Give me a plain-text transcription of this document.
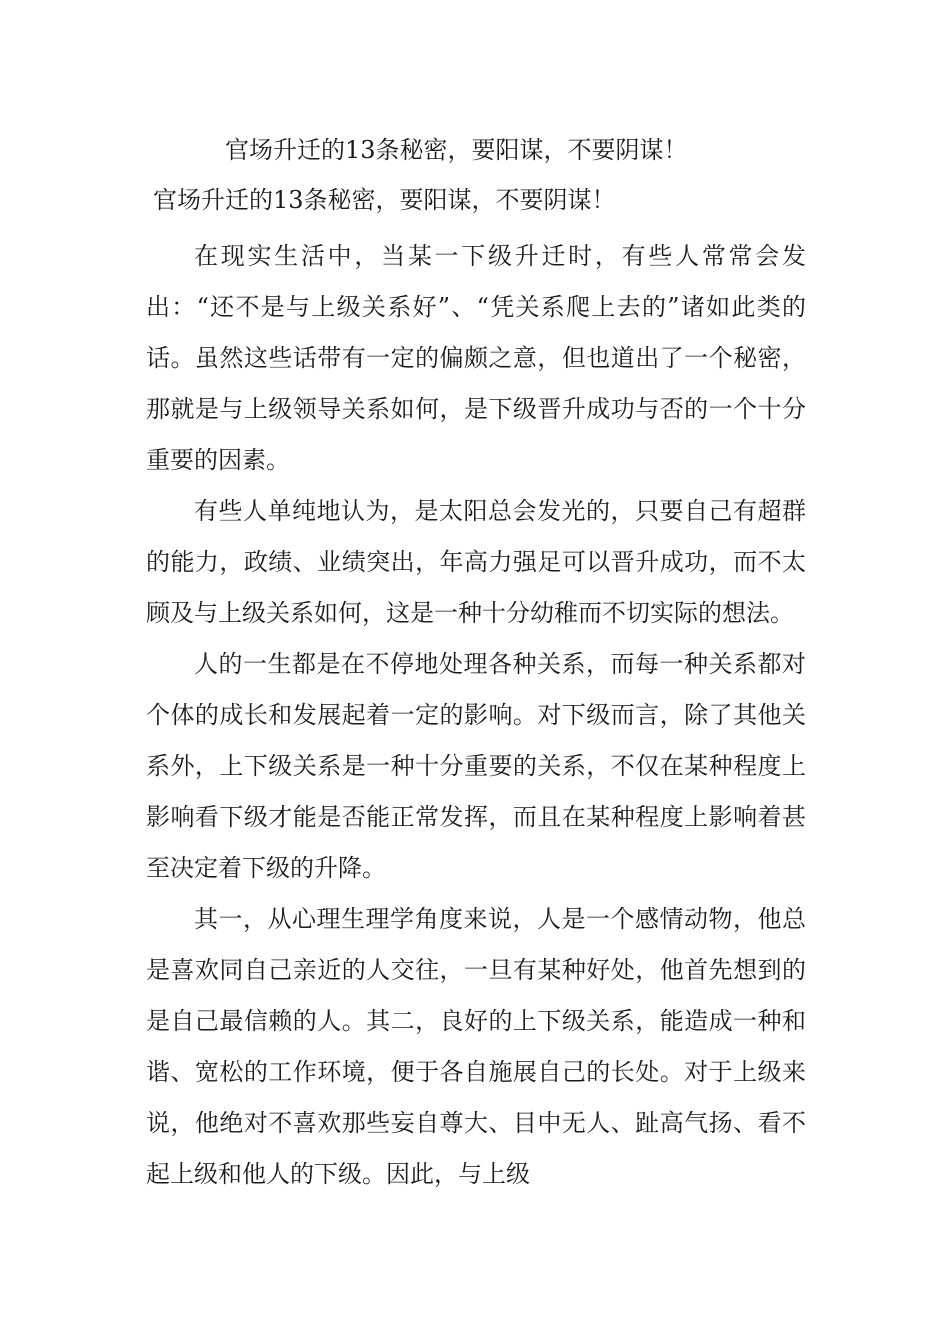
官场升迁的13条秘密，要阳谋，不要阴谋！
官场升迁的13条秘密，要阳谋，不要阴谋！

在现实生活中，当某一下级升迁时，有些人常常会发出：“还不是与上级关系好”、“凭关系爬上去的”诸如此类的话。虽然这些话带有一定的偏颇之意，但也道出了一个秘密，那就是与上级领导关系如何，是下级晋升成功与否的一个十分重要的因素。

有些人单纯地认为，是太阳总会发光的，只要自己有超群的能力，政绩、业绩突出，年高力强足可以晋升成功，而不太顾及与上级关系如何，这是一种十分幼稚而不切实际的想法。

人的一生都是在不停地处理各种关系，而每一种关系都对个体的成长和发展起着一定的影响。对下级而言，除了其他关系外，上下级关系是一种十分重要的关系，不仅在某种程度上影响看下级才能是否能正常发挥，而且在某种程度上影响着甚至决定着下级的升降。

其一，从心理生理学角度来说，人是一个感情动物，他总是喜欢同自己亲近的人交往，一旦有某种好处，他首先想到的是自己最信赖的人。其二，良好的上下级关系，能造成一种和谐、宽松的工作环境，便于各自施展自己的长处。对于上级来说，他绝对不喜欢那些妄自尊大、目中无人、趾高气扬、看不起上级和他人的下级。因此，与上级
